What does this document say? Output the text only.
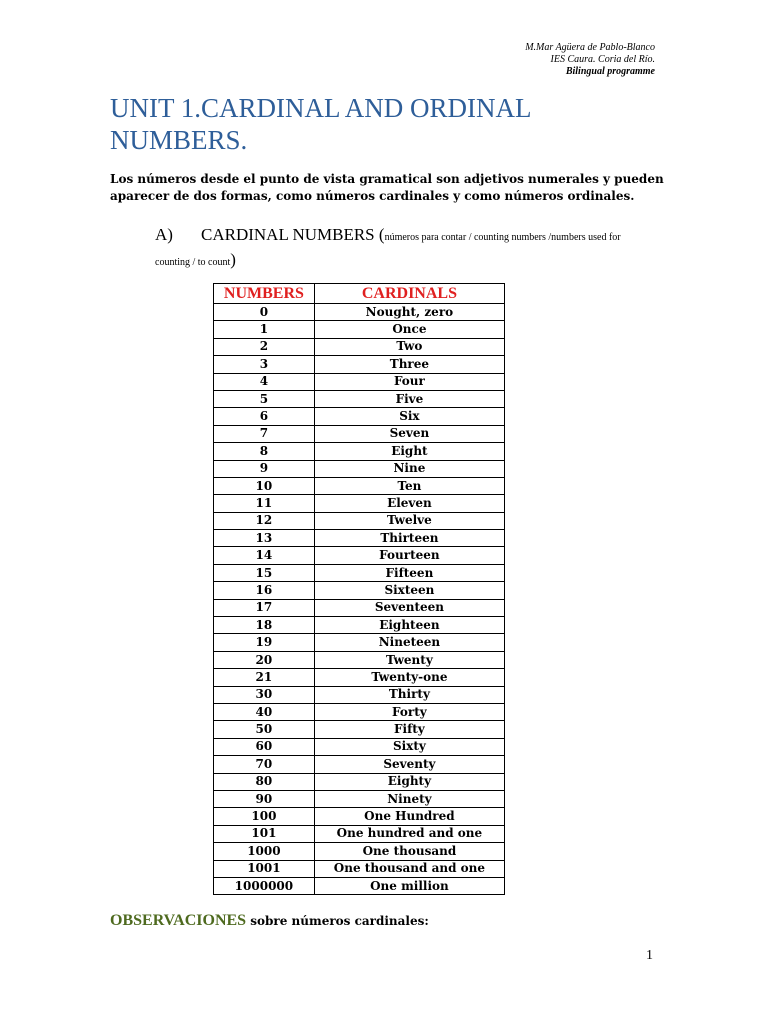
M.Mar Agüera de Pablo-Blanco
IES Caura. Coria del Río.
Bilingual programme
UNIT 1.CARDINAL AND ORDINAL NUMBERS.

Los números desde el punto de vista gramatical son adjetivos numerales y pueden aparecer de dos formas, como números cardinales y como números ordinales.

A) CARDINAL NUMBERS (números para contar / counting numbers /numbers used for counting / to count)
NUMBERS	CARDINALS
0	Nought, zero
1	Once
2	Two
3	Three
4	Four
5	Five
6	Six
7	Seven
8	Eight
9	Nine
10	Ten
11	Eleven
12	Twelve
13	Thirteen
14	Fourteen
15	Fifteen
16	Sixteen
17	Seventeen
18	Eighteen
19	Nineteen
20	Twenty
21	Twenty-one
30	Thirty
40	Forty
50	Fifty
60	Sixty
70	Seventy
80	Eighty
90	Ninety
100	One Hundred
101	One hundred and one
1000	One thousand
1001	One thousand and one
1000000	One million
OBSERVACIONES sobre números cardinales:
1
